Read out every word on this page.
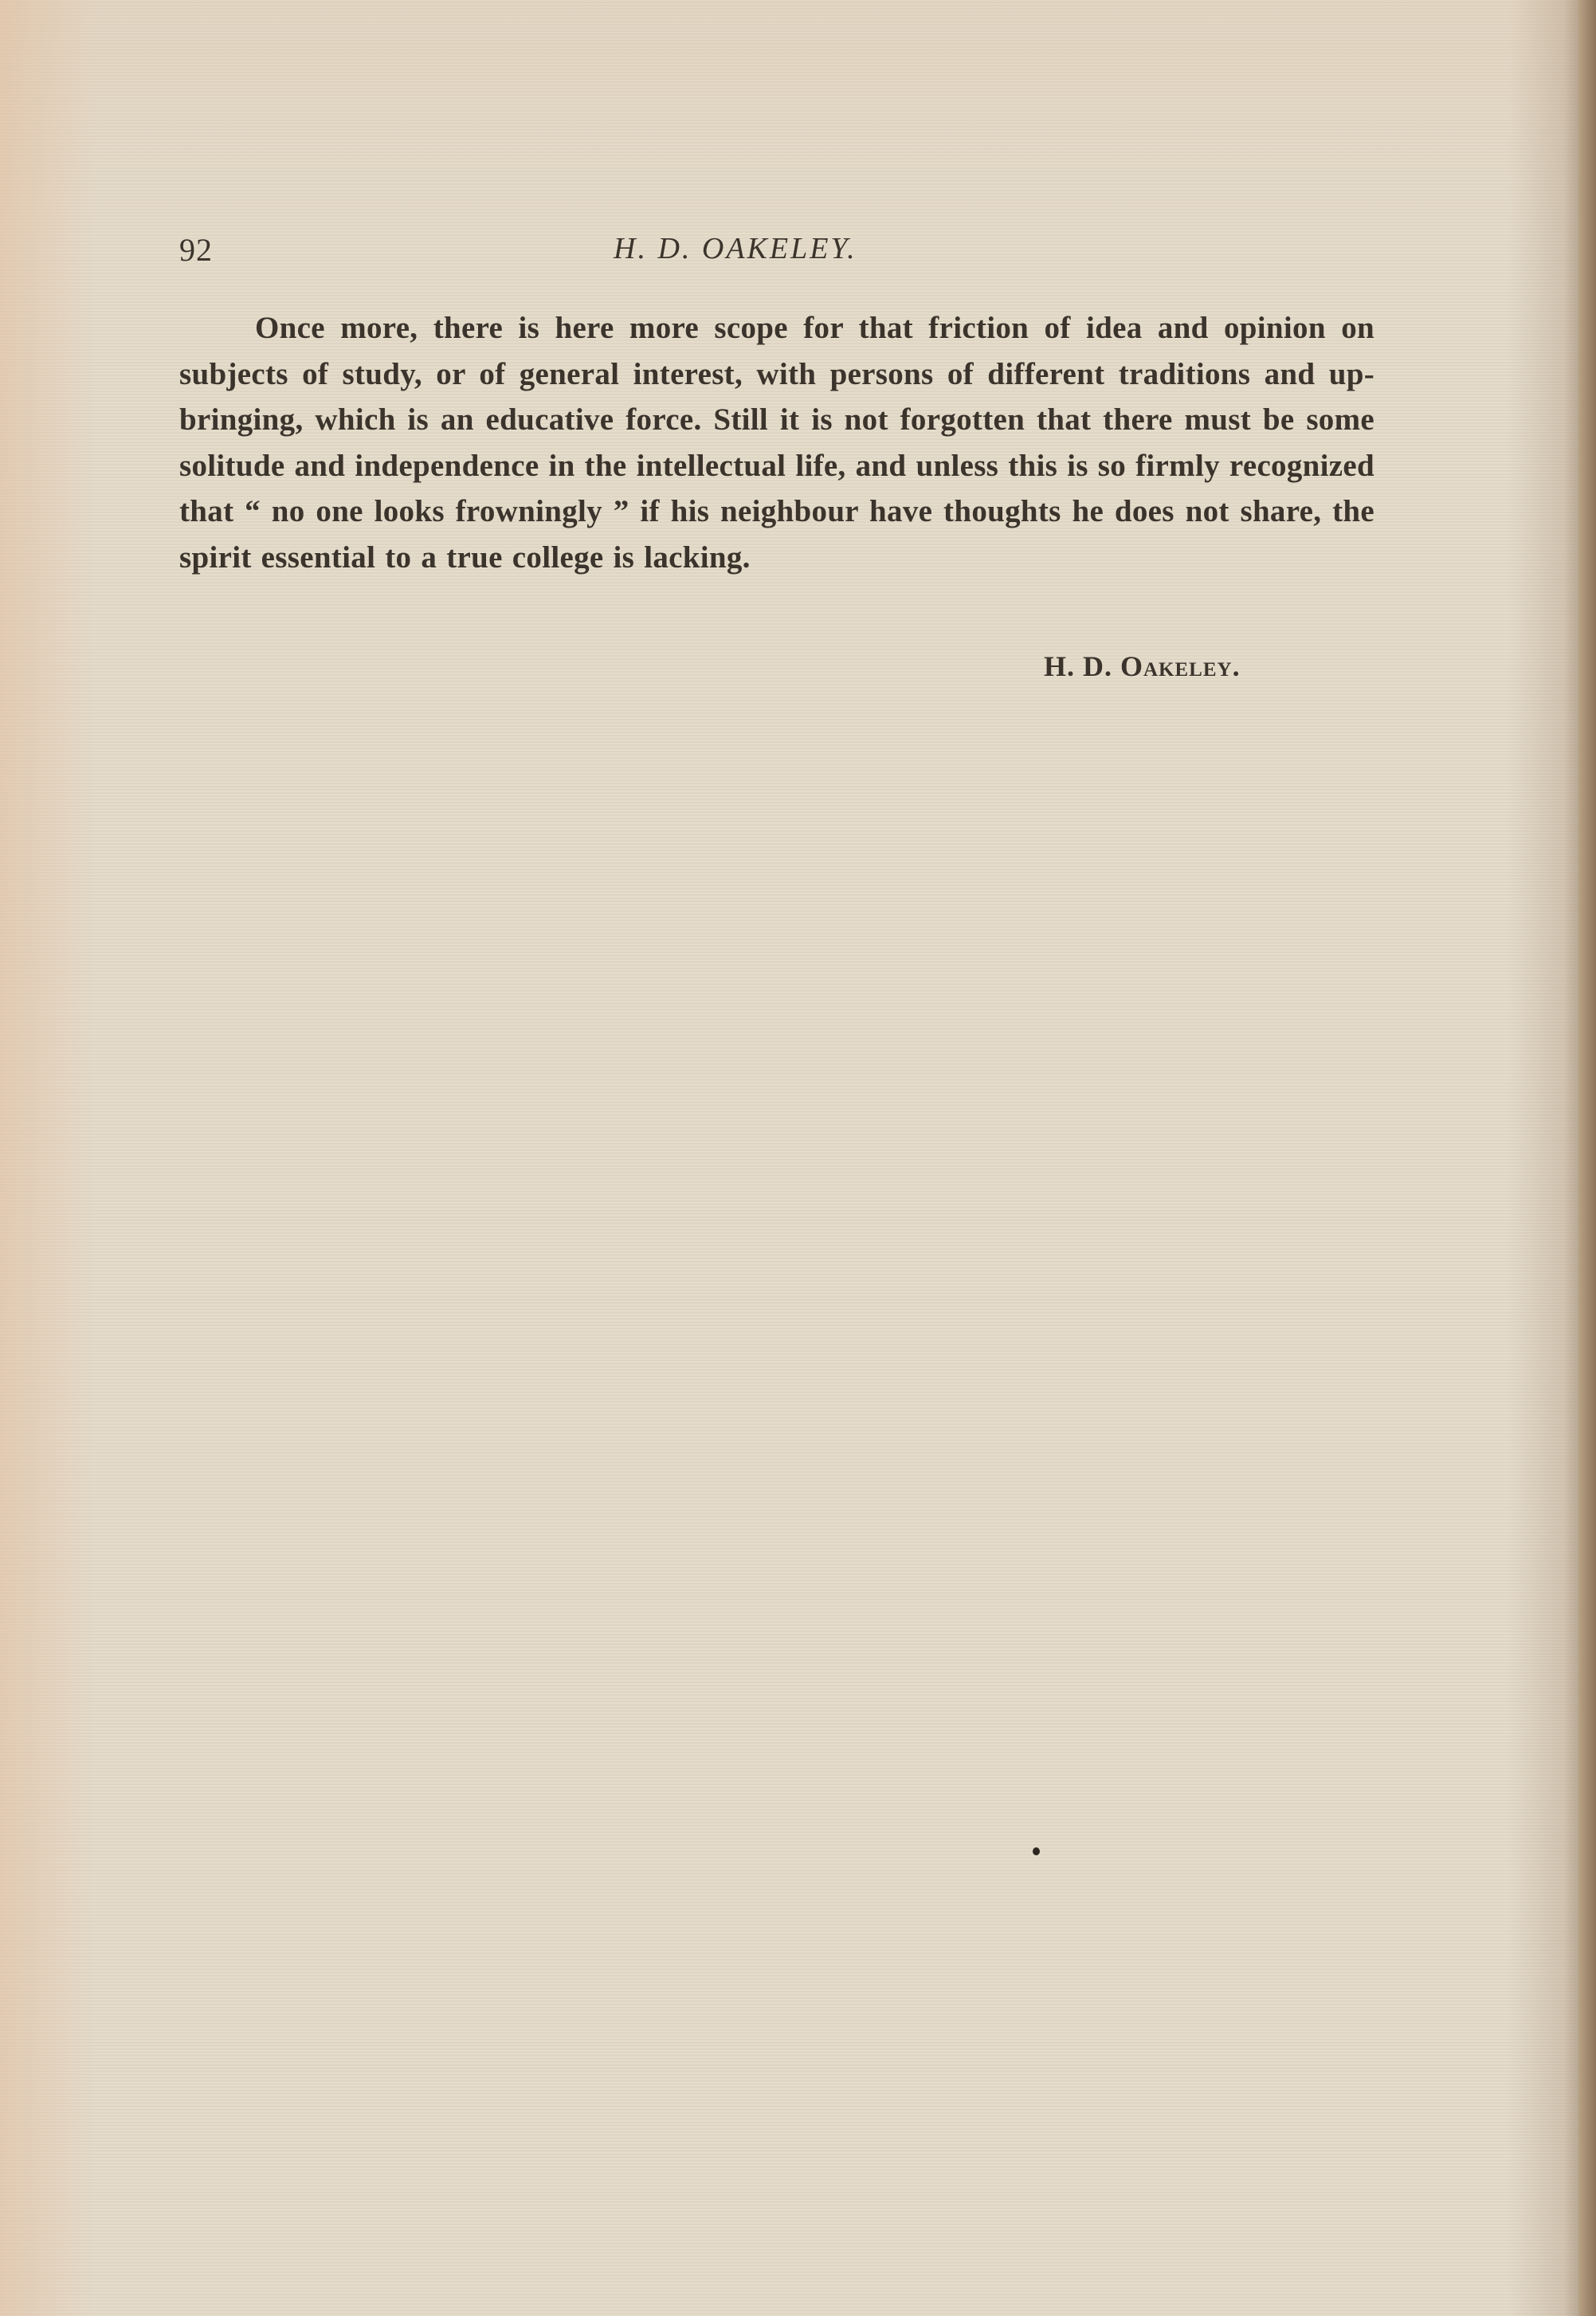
92	H. D. OAKELEY.

Once more, there is here more scope for that friction of idea and opinion on subjects of study, or of general interest, with persons of different traditions and up-bringing, which is an educative force. Still it is not forgotten that there must be some solitude and independence in the intellectual life, and unless this is so firmly recognized that “ no one looks frowningly ” if his neighbour have thoughts he does not share, the spirit essential to a true college is lacking.

H. D. Oakeley.
